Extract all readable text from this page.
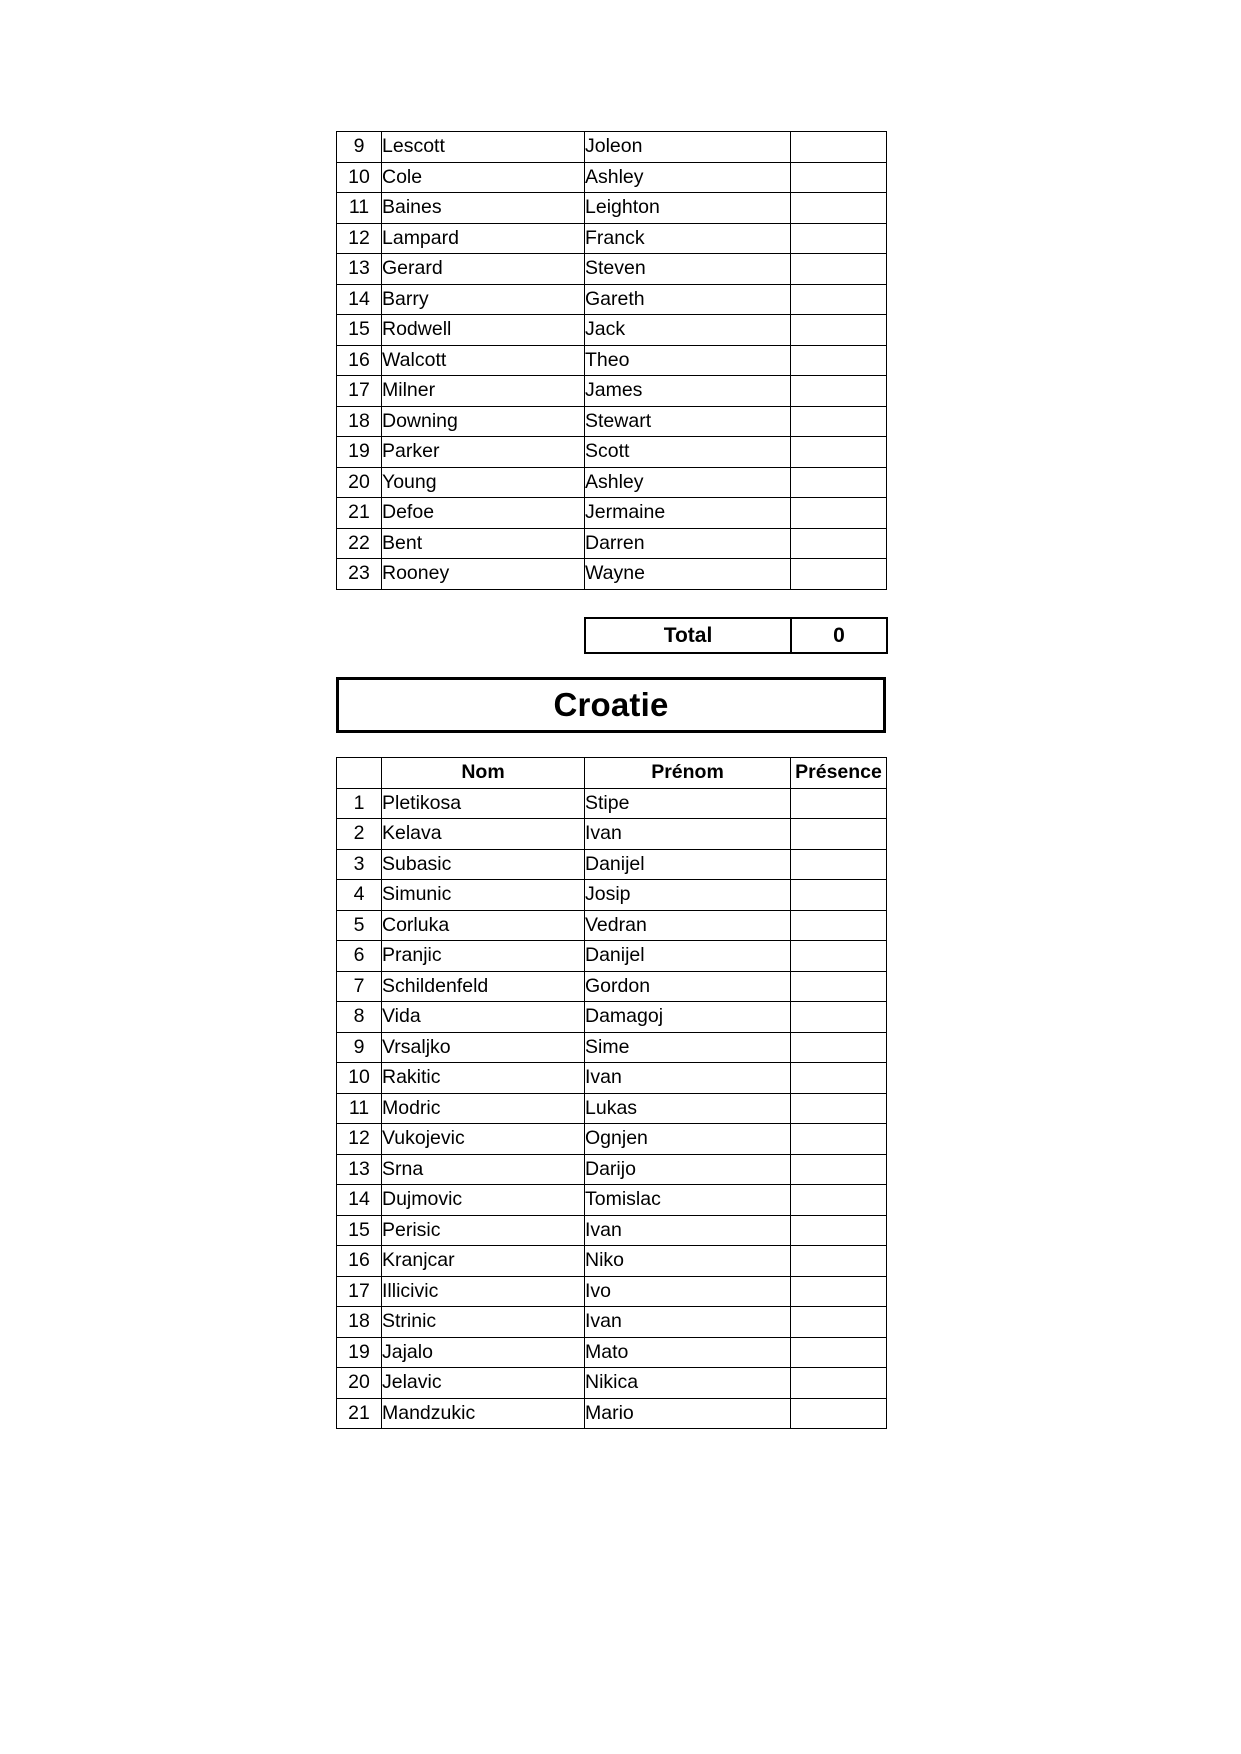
9	Lescott	Joleon	
10	Cole	Ashley	
11	Baines	Leighton	
12	Lampard	Franck	
13	Gerard	Steven	
14	Barry	Gareth	
15	Rodwell	Jack	
16	Walcott	Theo	
17	Milner	James	
18	Downing	Stewart	
19	Parker	Scott	
20	Young	Ashley	
21	Defoe	Jermaine	
22	Bent	Darren	
23	Rooney	Wayne	
Total	0
Croatie
	Nom	Prénom	Présence
1	Pletikosa	Stipe	
2	Kelava	Ivan	
3	Subasic	Danijel	
4	Simunic	Josip	
5	Corluka	Vedran	
6	Pranjic	Danijel	
7	Schildenfeld	Gordon	
8	Vida	Damagoj	
9	Vrsaljko	Sime	
10	Rakitic	Ivan	
11	Modric	Lukas	
12	Vukojevic	Ognjen	
13	Srna	Darijo	
14	Dujmovic	Tomislac	
15	Perisic	Ivan	
16	Kranjcar	Niko	
17	Illicivic	Ivo	
18	Strinic	Ivan	
19	Jajalo	Mato	
20	Jelavic	Nikica	
21	Mandzukic	Mario	
